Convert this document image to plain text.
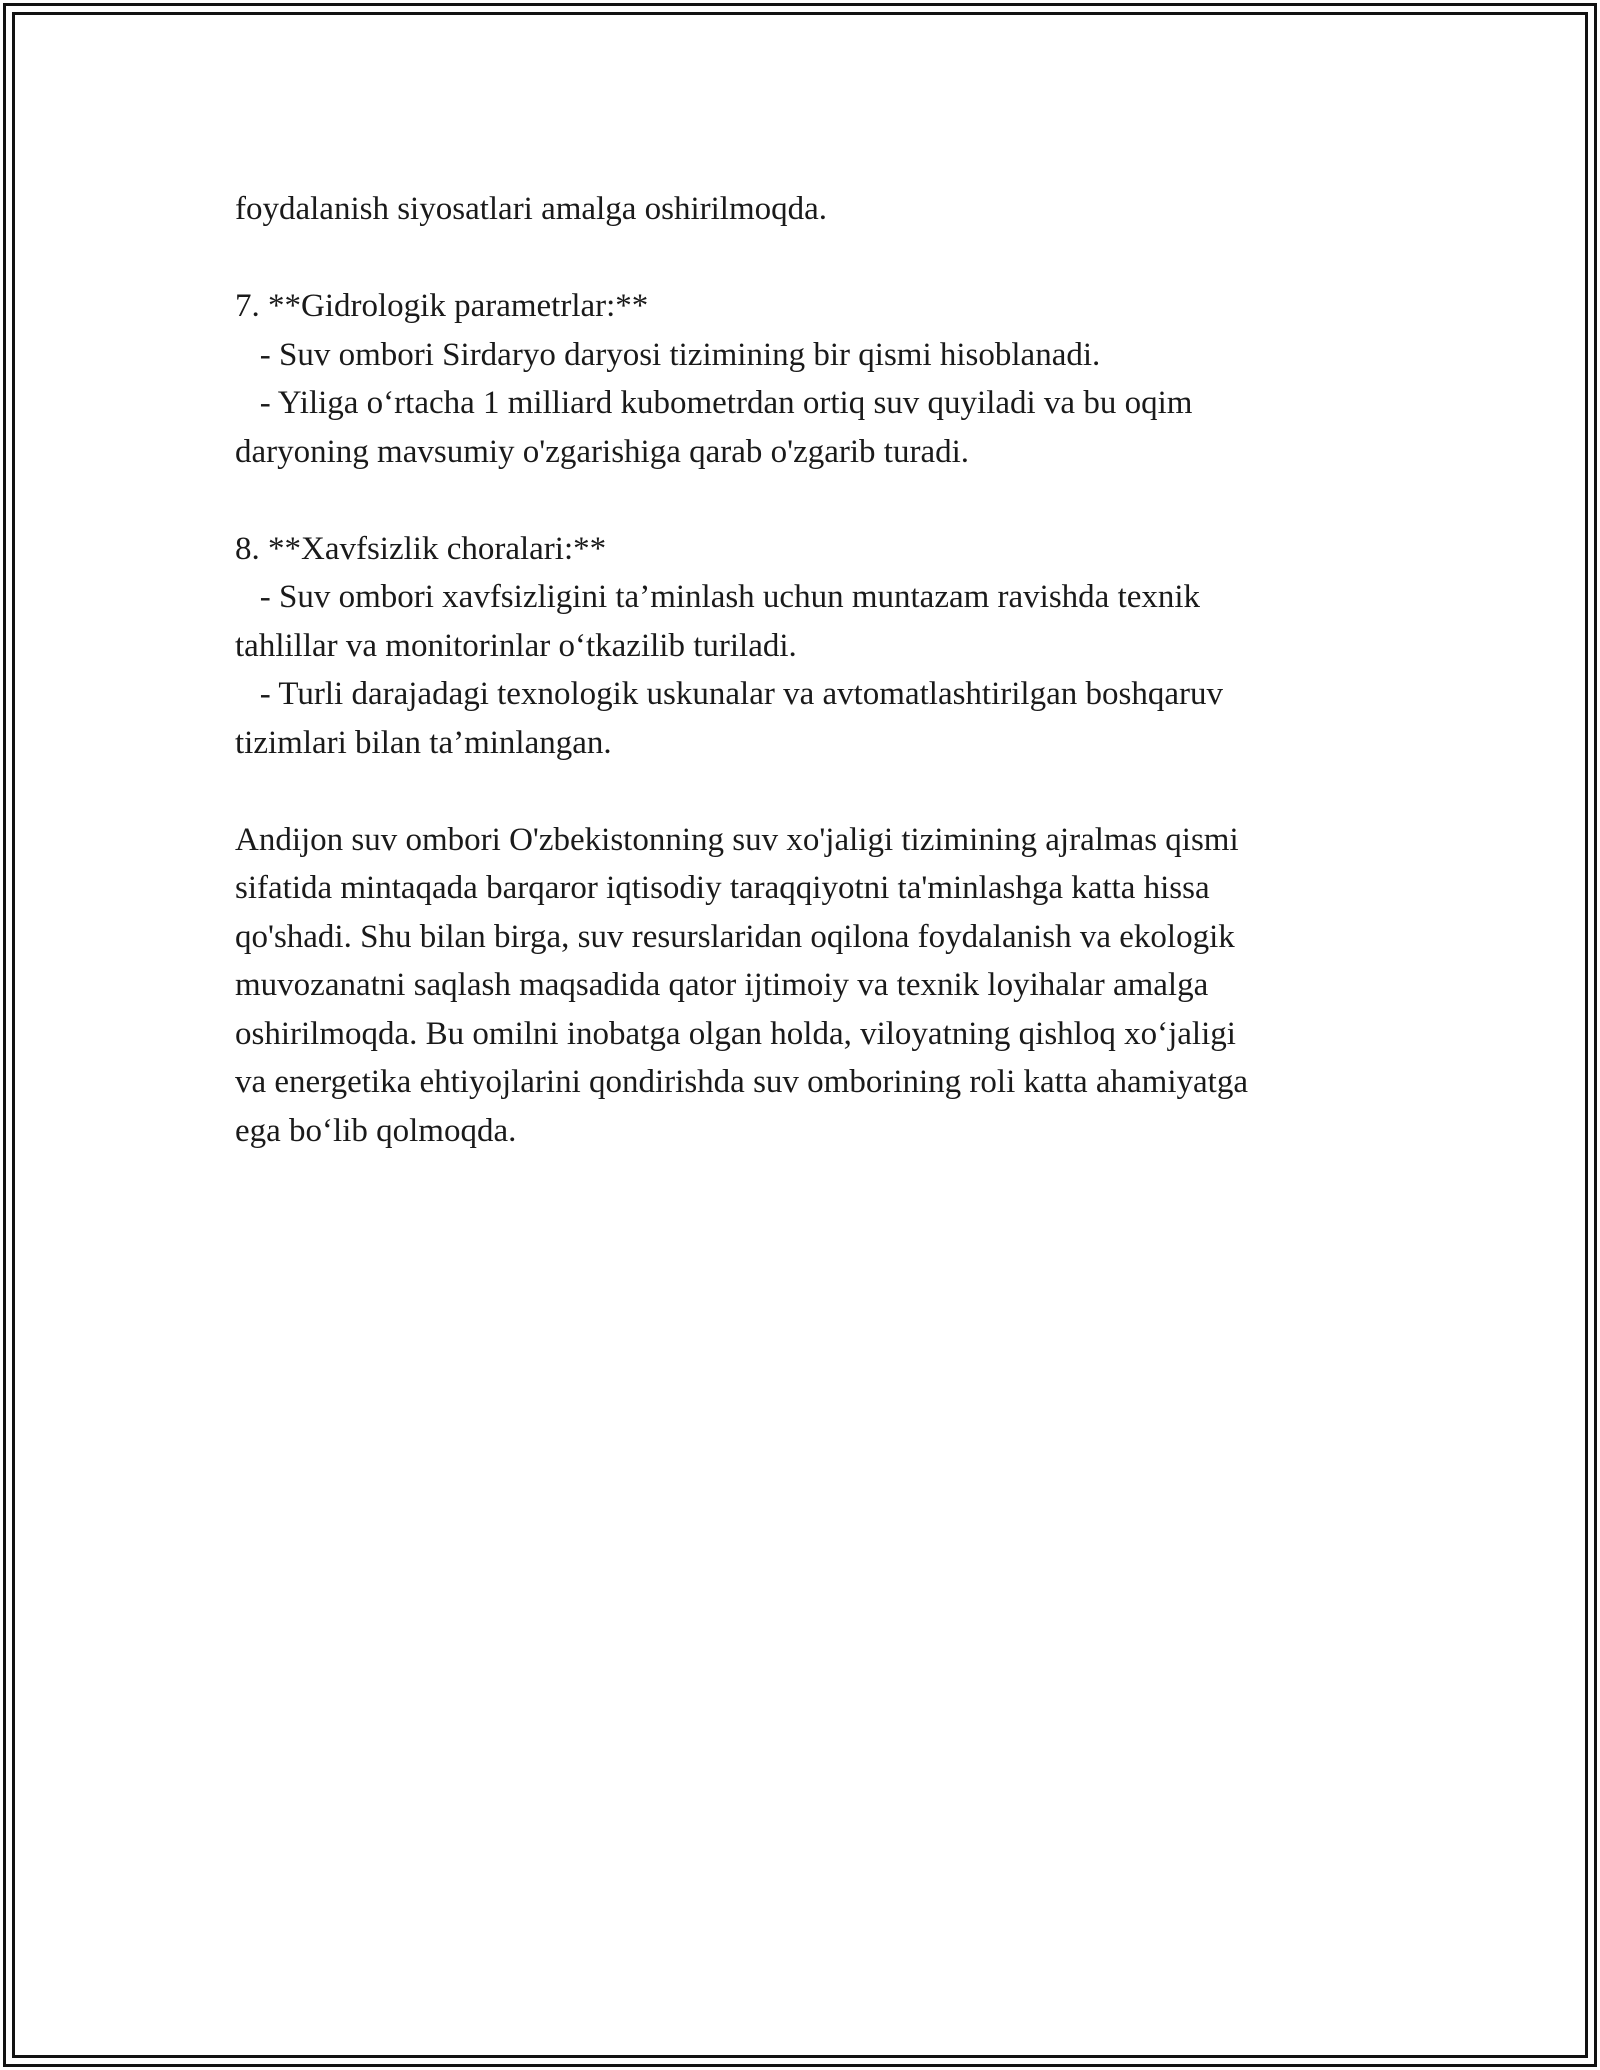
foydalanish siyosatlari amalga oshirilmoqda.

7. **Gidrologik parametrlar:**

- Suv ombori Sirdaryo daryosi tizimining bir qismi hisoblanadi.

- Yiliga o‘rtacha 1 milliard kubometrdan ortiq suv quyiladi va bu oqim

daryoning mavsumiy o'zgarishiga qarab o'zgarib turadi.

8. **Xavfsizlik choralari:**

- Suv ombori xavfsizligini ta’minlash uchun muntazam ravishda texnik

tahlillar va monitorinlar o‘tkazilib turiladi.

- Turli darajadagi texnologik uskunalar va avtomatlashtirilgan boshqaruv

tizimlari bilan ta’minlangan.

Andijon suv ombori O'zbekistonning suv xo'jaligi tizimining ajralmas qismi

sifatida mintaqada barqaror iqtisodiy taraqqiyotni ta'minlashga katta hissa

qo'shadi. Shu bilan birga, suv resurslaridan oqilona foydalanish va ekologik

muvozanatni saqlash maqsadida qator ijtimoiy va texnik loyihalar amalga

oshirilmoqda. Bu omilni inobatga olgan holda, viloyatning qishloq xo‘jaligi

va energetika ehtiyojlarini qondirishda suv omborining roli katta ahamiyatga

ega bo‘lib qolmoqda.
